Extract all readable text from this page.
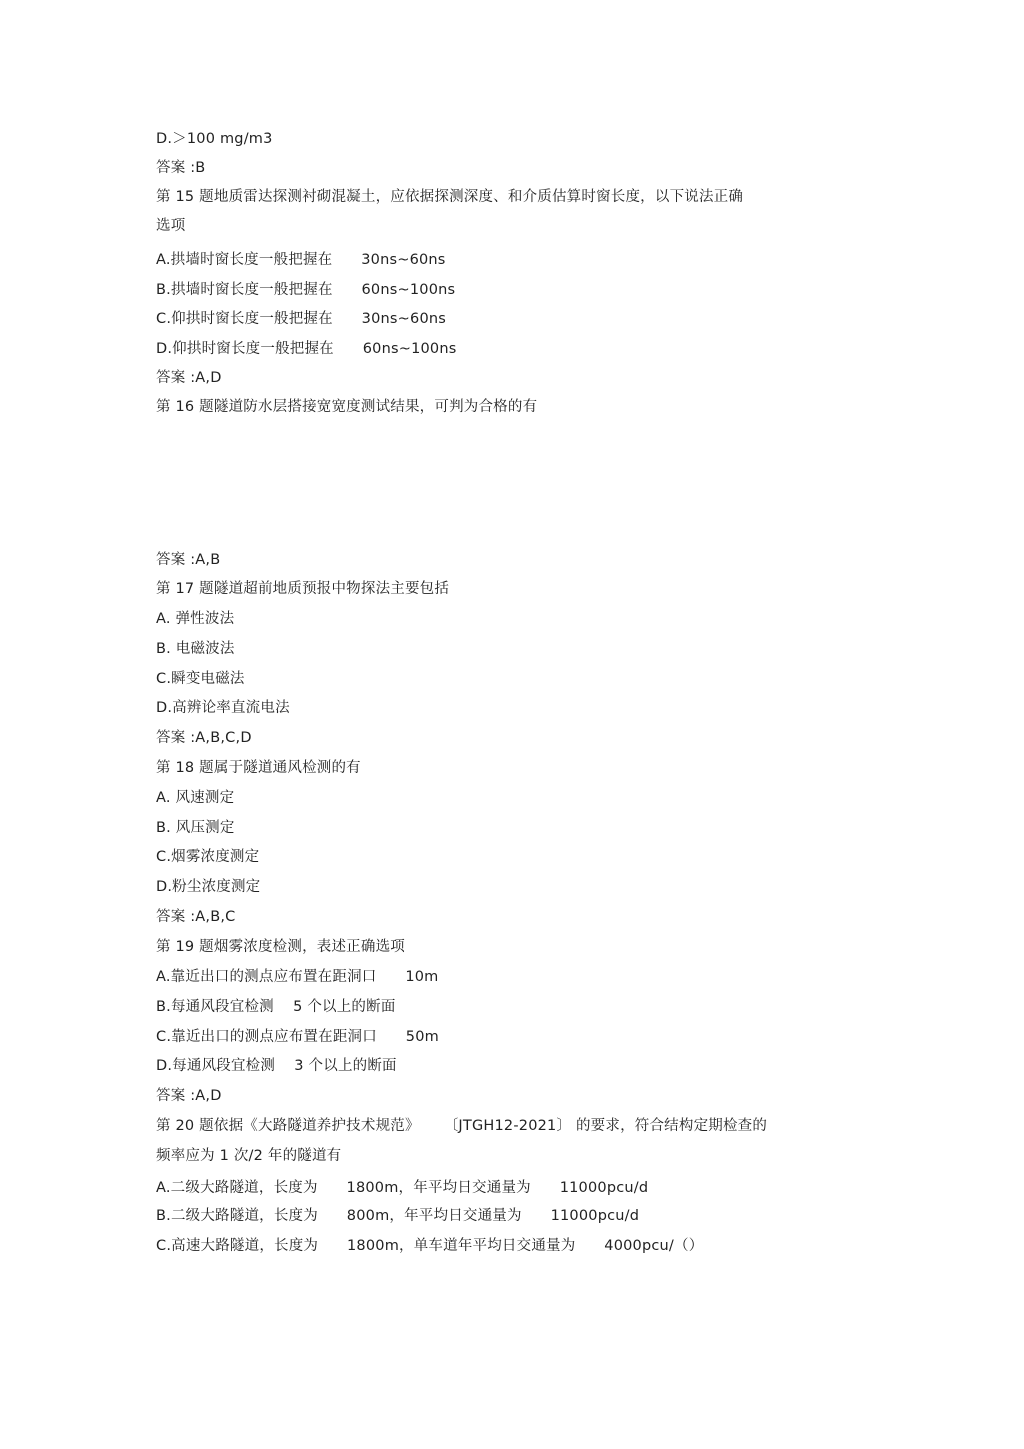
D.＞100 mg/m3
答案 :B
第 15 题地质雷达探测衬砌混凝土，应依据探测深度、和介质估算时窗长度，以下说法正确
选项
A.拱墙时窗长度一般把握在      30ns~60ns
B.拱墙时窗长度一般把握在      60ns~100ns
C.仰拱时窗长度一般把握在      30ns~60ns
D.仰拱时窗长度一般把握在      60ns~100ns
答案 :A,D
第 16 题隧道防水层搭接宽宽度测试结果，可判为合格的有
答案 :A,B
第 17 题隧道超前地质预报中物探法主要包括
A. 弹性波法
B. 电磁波法
C.瞬变电磁法
D.高辨论率直流电法
答案 :A,B,C,D
第 18 题属于隧道通风检测的有
A. 风速测定
B. 风压测定
C.烟雾浓度测定
D.粉尘浓度测定
答案 :A,B,C
第 19 题烟雾浓度检测，表述正确选项
A.靠近出口的测点应布置在距洞口      10m
B.每通风段宜检测    5 个以上的断面
C.靠近出口的测点应布置在距洞口      50m
D.每通风段宜检测    3 个以上的断面
答案 :A,D
第 20 题依据《大路隧道养护技术规范》     〔JTGH12-2021〕 的要求，符合结构定期检查的
频率应为 1 次/2 年的隧道有
A.二级大路隧道，长度为      1800m，年平均日交通量为      11000pcu/d
B.二级大路隧道，长度为      800m，年平均日交通量为      11000pcu/d
C.高速大路隧道，长度为      1800m，单车道年平均日交通量为      4000pcu/（）
